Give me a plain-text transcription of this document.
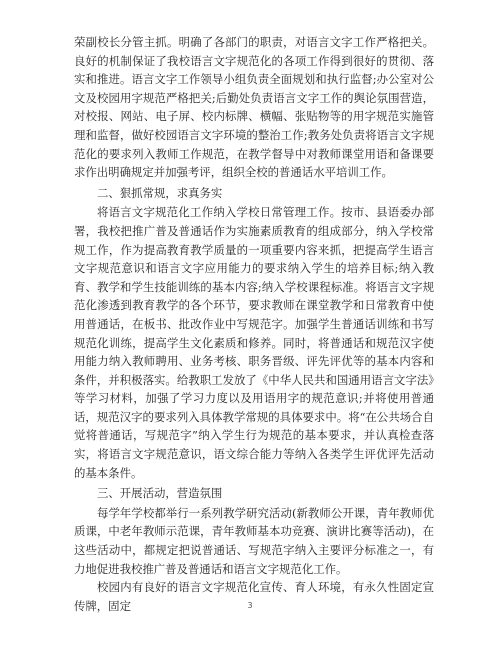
荣副校长分管主抓。明确了各部门的职责，对语言文字工作严格把关。良好的机制保证了我校语言文字规范化的各项工作得到很好的贯彻、落实和推进。语言文字工作领导小组负责全面规划和执行监督;办公室对公文及校园用字规范严格把关;后勤处负责语言文字工作的舆论氛围营造，对校报、网站、电子屏、校内标牌、横幅、张贴物等的用字规范实施管理和监督，做好校园语言文字环境的整治工作;教务处负责将语言文字规范化的要求列入教师工作规范，在教学督导中对教师课堂用语和备课要求作出明确规定并加强考评，组织全校的普通话水平培训工作。

二、狠抓常规，求真务实

将语言文字规范化工作纳入学校日常管理工作。按市、县语委办部署，我校把推广普及普通话作为实施素质教育的组成部分，纳入学校常规工作，作为提高教育教学质量的一项重要内容来抓，把提高学生语言文字规范意识和语言文字应用能力的要求纳入学生的培养目标;纳入教育、教学和学生技能训练的基本内容;纳入学校课程标准。将语言文字规范化渗透到教育教学的各个环节，要求教师在课堂教学和日常教育中使用普通话，在板书、批改作业中写规范字。加强学生普通话训练和书写规范化训练，提高学生文化素质和修养。同时，将普通话和规范汉字使用能力纳入教师聘用、业务考核、职务晋级、评先评优等的基本内容和条件，并积极落实。给教职工发放了《中华人民共和国通用语言文字法》等学习材料，加强了学习力度以及用语用字的规范意识;并将使用普通话，规范汉字的要求列入具体教学常规的具体要求中。将“在公共场合自觉将普通话，写规范字”纳入学生行为规范的基本要求，并认真检查落实，将语言文字规范意识，语文综合能力等纳入各类学生评优评先活动的基本条件。

三、开展活动，营造氛围

每学年学校都举行一系列教学研究活动(新教师公开课，青年教师优质课，中老年教师示范课，青年教师基本功竞赛、演讲比赛等活动)，在这些活动中，都规定把说普通话、写规范字纳入主要评分标准之一，有力地促进我校推广普及普通话和语言文字规范化工作。

校园内有良好的语言文字规范化宣传、育人环境，有永久性固定宣传牌，固定	3
